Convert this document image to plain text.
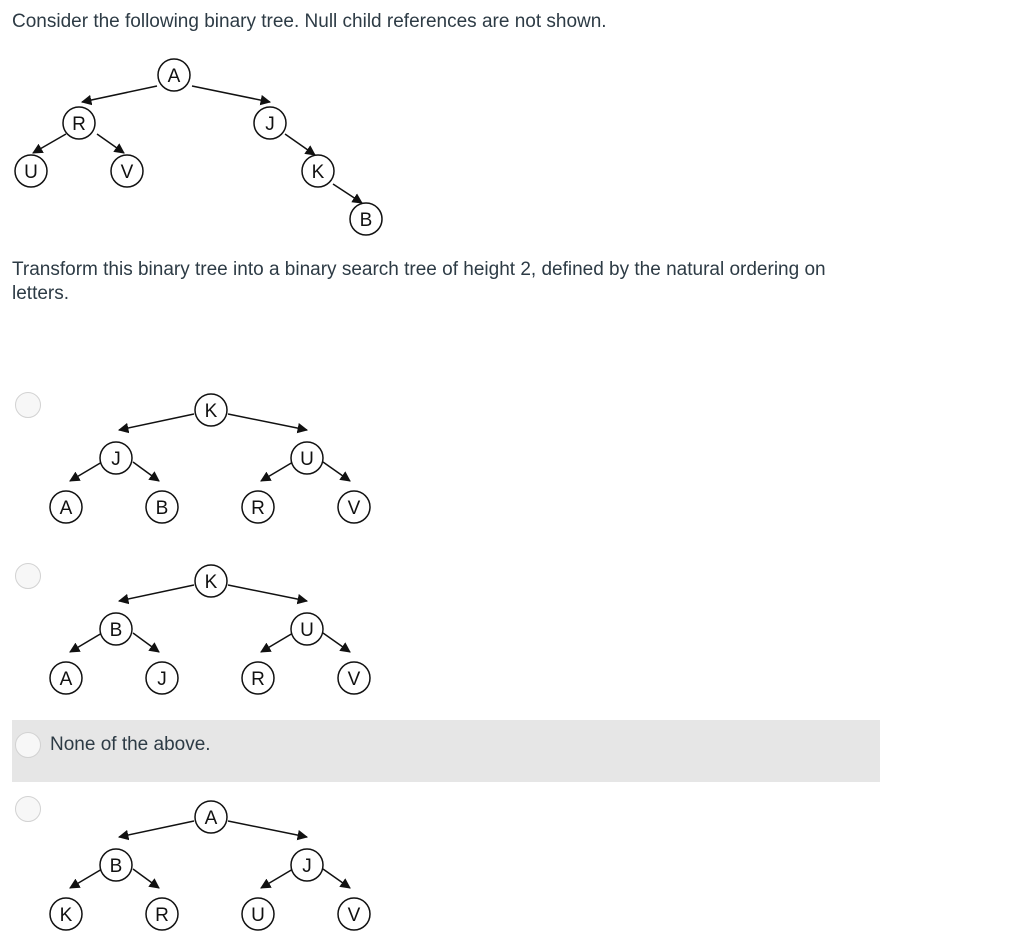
Consider the following binary tree. Null child references are not shown.
A
R	J
U	V	K
B
Transform this binary tree into a binary search tree of height 2, defined by the natural ordering on letters.
K
J	U
A	B	R	V
K
B	U
A	J	R	V
None of the above.
A
B	J
K	R	U	V
